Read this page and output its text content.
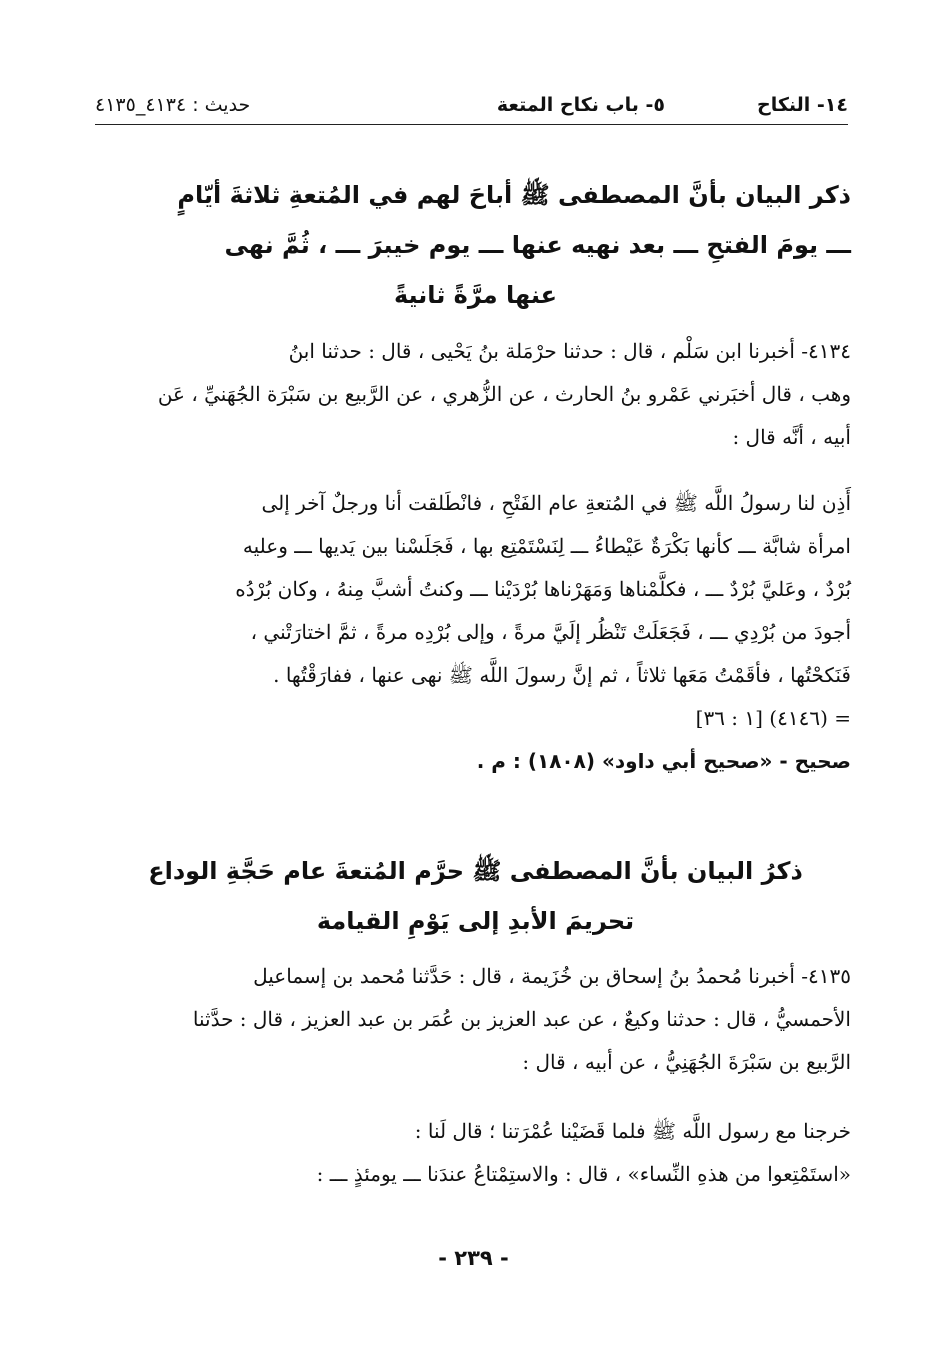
١٤- النكاح
٥- باب نكاح المتعة
حديث : ٤١٣٤_٤١٣٥
ذكر البيان بأنَّ المصطفى ﷺ أباحَ لهم في المُتعةِ ثلاثةَ أيّامٍ
ـــ يومَ الفتحِ ـــ بعد نهيه عنها ـــ يوم خيبرَ ـــ ، ثُمَّ نهى
عنها مرَّةً ثانيةً
٤١٣٤- أخبرنا ابن سَلْم ، قال : حدثنا حرْمَلة بنُ يَحْيى ، قال : حدثنا ابنُ
وهب ، قال أخبَرني عَمْرو بنُ الحارث ، عن الزُّهري ، عن الرَّبيع بن سَبْرَة الجُهَنيِّ ، عَن
أبيه ، أنَّه قال :
أَذِن لنا رسولُ اللَّه ﷺ في المُتعةِ عام الفَتْحِ ، فانْطَلقت أنا ورجلٌ آخر إلى
امرأة شابَّة ـــ كأنها بَكْرَةٌ عَيْطاءُ ـــ لِنَسْتَمْتِع بها ، فَجَلَسْنا بين يَديها ـــ وعليه
بُرْدٌ ، وعَليَّ بُرْدٌ ـــ ، فكلَّمْناها وَمَهَرْناها بُرْدَيْنا ـــ وكنتُ أشبَّ مِنهُ ، وكان بُرْدُه
أجودَ من بُرْدِي ـــ ، فَجَعَلَتْ تَنْظُر إلَيَّ مرةً ، وإلى بُرْدِه مرةً ، ثمَّ اختارَتْني ،
فَنَكحْتُها ، فأقَمْتُ مَعَها ثلاثاً ، ثم إنَّ رسولَ اللَّه ﷺ نهى عنها ، ففارَقْتُها .
= (٤١٤٦) [١ : ٣٦]
صحيح - «صحيح أبي داود» (١٨٠٨) : م .
ذكرُ البيان بأنَّ المصطفى ﷺ حرَّم المُتعةَ عام حَجَّةِ الوداع
تحريمَ الأبدِ إلى يَوْمِ القيامة
٤١٣٥- أخبرنا مُحمدُ بنُ إسحاق بن خُزَيمة ، قال : حَدَّثنا مُحمد بن إسماعيل
الأحمسيُّ ، قال : حدثنا وكيعٌ ، عن عبد العزيز بن عُمَر بن عبد العزيز ، قال : حدَّثنا
الرَّبيع بن سَبْرَةَ الجُهَنِيُّ ، عن أبيه ، قال :
خرجنا مع رسول اللَّه ﷺ فلما قَضَيْنا عُمْرَتنا ؛ قال لَنا :
«استَمْتِعوا من هذهِ النِّساء» ، قال : والاستِمْتاعُ عندَنا ـــ يومئذٍ ـــ :
- ٢٣٩ -
